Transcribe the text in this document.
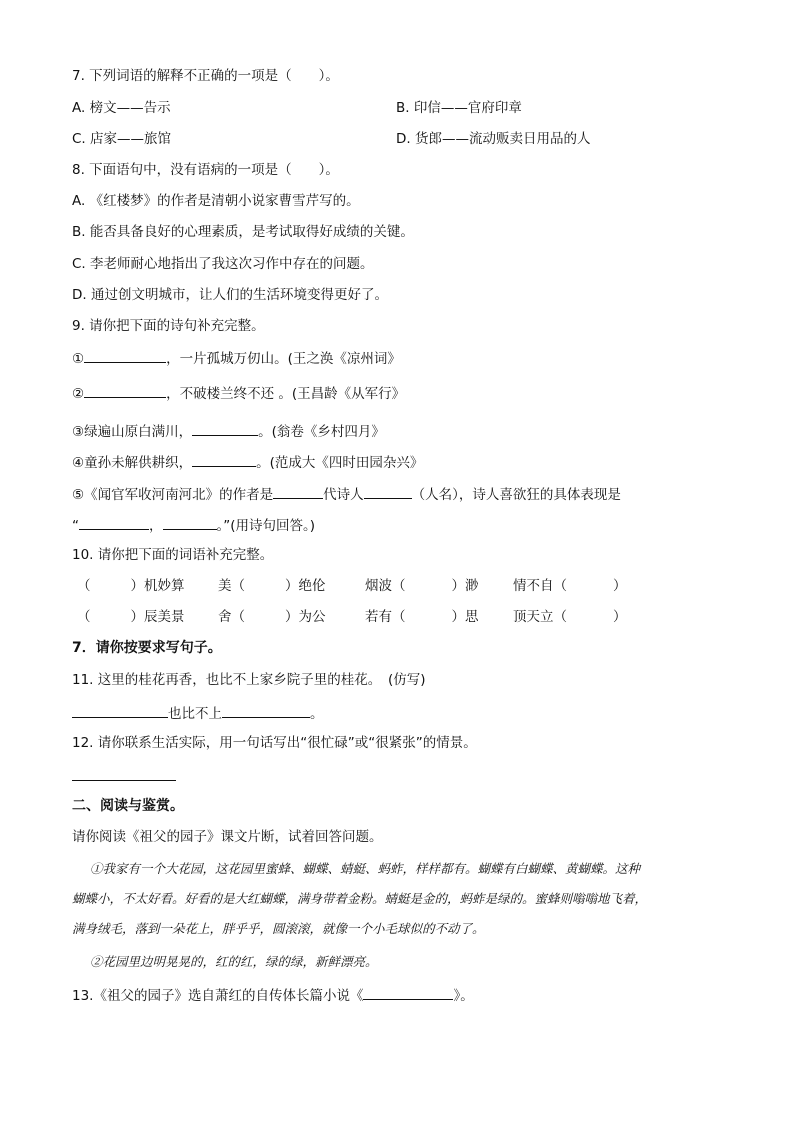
7. 下列词语的解释不正确的一项是（　　）。
A. 榜文——告示	B. 印信——官府印章
C. 店家——旅馆	D. 货郎——流动贩卖日用品的人
8. 下面语句中，没有语病的一项是（　　）。
A. 《红楼梦》的作者是清朝小说家曹雪芹写的。
B. 能否具备良好的心理素质，是考试取得好成绩的关键。
C. 李老师耐心地指出了我这次习作中存在的问题。
D. 通过创文明城市，让人们的生活环境变得更好了。
9. 请你把下面的诗句补充完整。
①	，一片孤城万仞山。(王之涣《凉州词》
②	，不破楼兰终不还 。(王昌龄《从军行》
③绿遍山原白满川，	。(翁卷《乡村四月》
④童孙未解供耕织，	。(范成大《四时田园杂兴》
⑤《闻官军收河南河北》的作者是	代诗人	（人名），诗人喜欲狂的具体表现是
“	，	。”(用诗句回答。)
10. 请你把下面的词语补充完整。
（	）机妙算 美（	）绝伦	烟波（	）渺	情不自（	）
（	）辰美景 舍（	）为公	若有（	）思	顶天立（	）
7．请你按要求写句子。
11. 这里的桂花再香，也比不上家乡院子里的桂花。　(仿写)
也比不上	。
12. 请你联系生活实际，用一句话写出“很忙碌”或“很紧张”的情景。
二、阅读与鉴赏。
请你阅读《祖父的园子》课文片断，试着回答问题。
①我家有一个大花园，这花园里蜜蜂、蝴蝶、蜻蜓、蚂蚱，样样都有。蝴蝶有白蝴蝶、黄蝴蝶。这种
蝴蝶小，不太好看。好看的是大红蝴蝶，满身带着金粉。蜻蜓是金的，蚂蚱是绿的。蜜蜂则嗡嗡地飞着，
满身绒毛，落到一朵花上，胖乎乎，圆滚滚，就像一个小毛球似的不动了。
②花园里边明晃晃的，红的红，绿的绿，新鲜漂亮。
13.《祖父的园子》选自萧红的自传体长篇小说《	》。
